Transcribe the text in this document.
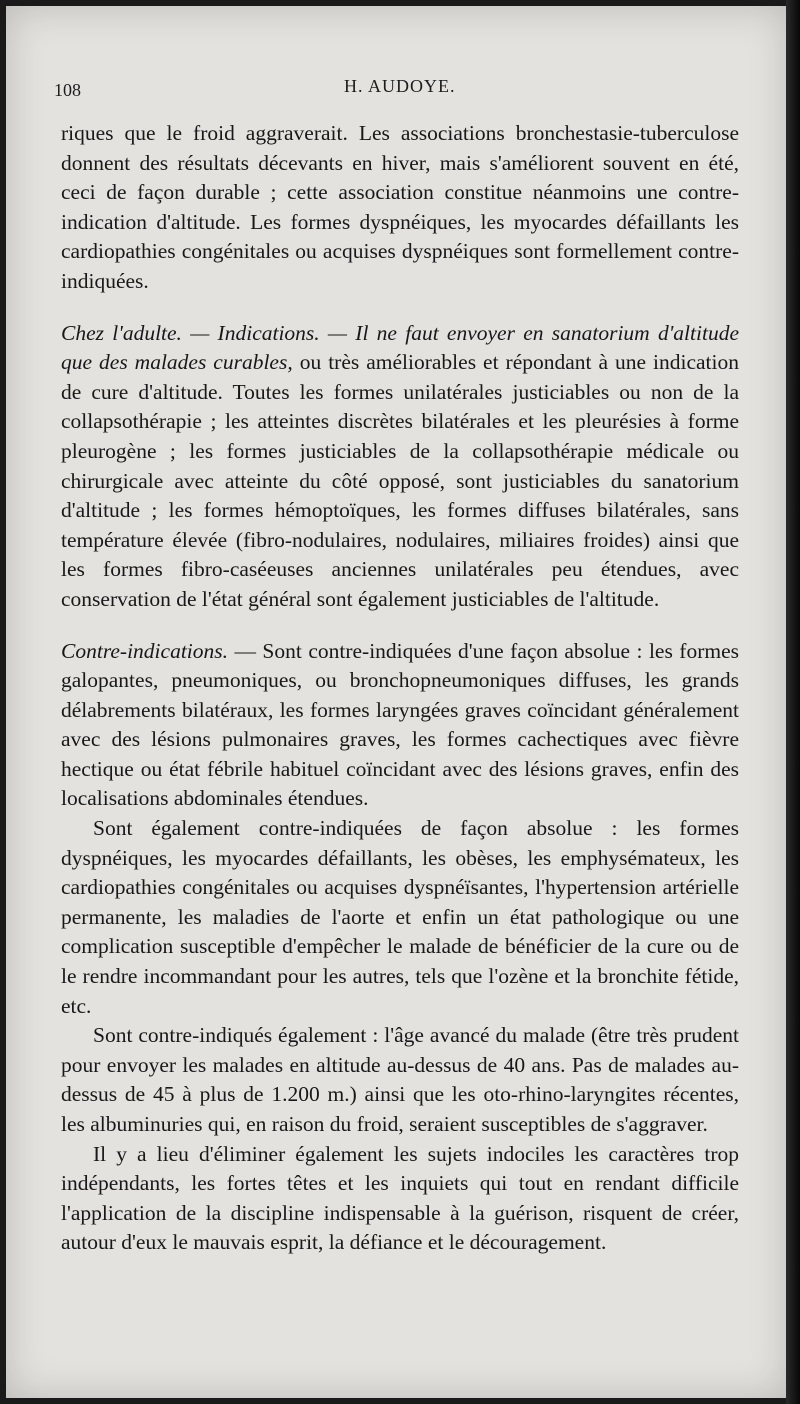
108	H. AUDOYE.

riques que le froid aggraverait. Les associations bronchestasie-tuberculose donnent des résultats décevants en hiver, mais s'améliorent souvent en été, ceci de façon durable ; cette association constitue néanmoins une contre-indication d'altitude. Les formes dyspnéiques, les myocardes défaillants les cardiopathies congénitales ou acquises dyspnéiques sont formellement contre-indiquées.

Chez l'adulte. — Indications. — Il ne faut envoyer en sanatorium d'altitude que des malades curables, ou très améliorables et répondant à une indication de cure d'altitude. Toutes les formes unilatérales justiciables ou non de la collapsothérapie ; les atteintes discrètes bilatérales et les pleurésies à forme pleurogène ; les formes justiciables de la collapsothérapie médicale ou chirurgicale avec atteinte du côté opposé, sont justiciables du sanatorium d'altitude ; les formes hémoptoïques, les formes diffuses bilatérales, sans température élevée (fibro-nodulaires, nodulaires, miliaires froides) ainsi que les formes fibro-caséeuses anciennes unilatérales peu étendues, avec conservation de l'état général sont également justiciables de l'altitude.

Contre-indications. — Sont contre-indiquées d'une façon absolue : les formes galopantes, pneumoniques, ou bronchopneumoniques diffuses, les grands délabrements bilatéraux, les formes laryngées graves coïncidant généralement avec des lésions pulmonaires graves, les formes cachectiques avec fièvre hectique ou état fébrile habituel coïncidant avec des lésions graves, enfin des localisations abdominales étendues.

Sont également contre-indiquées de façon absolue : les formes dyspnéiques, les myocardes défaillants, les obèses, les emphysémateux, les cardiopathies congénitales ou acquises dyspnéïsantes, l'hypertension artérielle permanente, les maladies de l'aorte et enfin un état pathologique ou une complication susceptible d'empêcher le malade de bénéficier de la cure ou de le rendre incommandant pour les autres, tels que l'ozène et la bronchite fétide, etc.

Sont contre-indiqués également : l'âge avancé du malade (être très prudent pour envoyer les malades en altitude au-dessus de 40 ans. Pas de malades au-dessus de 45 à plus de 1.200 m.) ainsi que les oto-rhino-laryngites récentes, les albuminuries qui, en raison du froid, seraient susceptibles de s'aggraver.

Il y a lieu d'éliminer également les sujets indociles les caractères trop indépendants, les fortes têtes et les inquiets qui tout en rendant difficile l'application de la discipline indispensable à la guérison, risquent de créer, autour d'eux le mauvais esprit, la défiance et le découragement.
